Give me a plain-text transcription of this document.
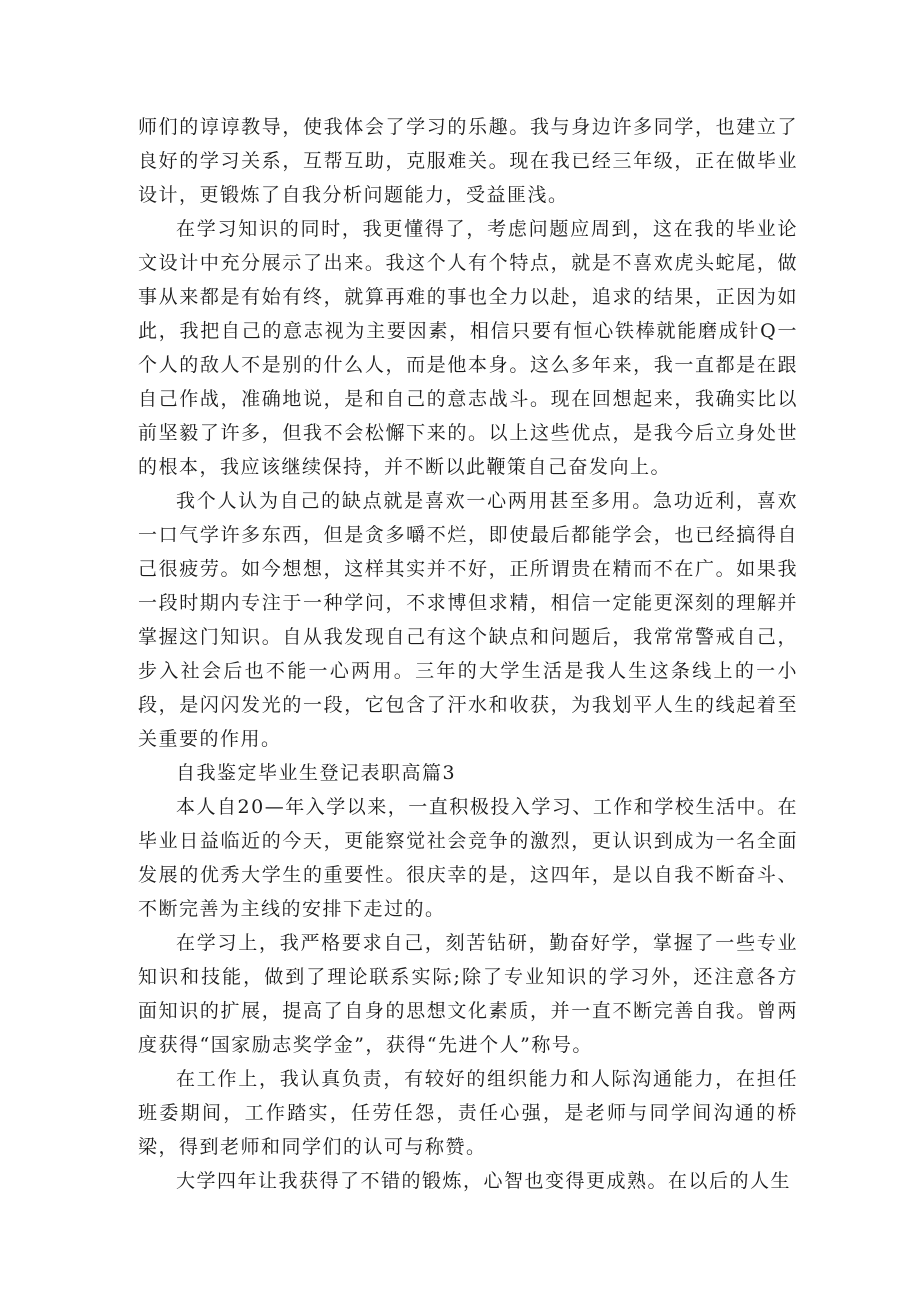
师们的谆谆教导，使我体会了学习的乐趣。我与身边许多同学，也建立了良好的学习关系，互帮互助，克服难关。现在我已经三年级，正在做毕业设计，更锻炼了自我分析问题能力，受益匪浅。

在学习知识的同时，我更懂得了，考虑问题应周到，这在我的毕业论文设计中充分展示了出来。我这个人有个特点，就是不喜欢虎头蛇尾，做事从来都是有始有终，就算再难的事也全力以赴，追求的结果，正因为如此，我把自己的意志视为主要因素，相信只要有恒心铁棒就能磨成针Q一个人的敌人不是别的什么人，而是他本身。这么多年来，我一直都是在跟自己作战，准确地说，是和自己的意志战斗。现在回想起来，我确实比以前坚毅了许多，但我不会松懈下来的。以上这些优点，是我今后立身处世的根本，我应该继续保持，并不断以此鞭策自己奋发向上。

我个人认为自己的缺点就是喜欢一心两用甚至多用。急功近利，喜欢一口气学许多东西，但是贪多嚼不烂，即使最后都能学会，也已经搞得自己很疲劳。如今想想，这样其实并不好，正所谓贵在精而不在广。如果我一段时期内专注于一种学问，不求博但求精，相信一定能更深刻的理解并掌握这门知识。自从我发现自己有这个缺点和问题后，我常常警戒自己，步入社会后也不能一心两用。三年的大学生活是我人生这条线上的一小段，是闪闪发光的一段，它包含了汗水和收获，为我划平人生的线起着至关重要的作用。

自我鉴定毕业生登记表职高篇3

本人自20—年入学以来，一直积极投入学习、工作和学校生活中。在毕业日益临近的今天，更能察觉社会竞争的激烈，更认识到成为一名全面发展的优秀大学生的重要性。很庆幸的是，这四年，是以自我不断奋斗、不断完善为主线的安排下走过的。

在学习上，我严格要求自己，刻苦钻研，勤奋好学，掌握了一些专业知识和技能，做到了理论联系实际;除了专业知识的学习外，还注意各方面知识的扩展，提高了自身的思想文化素质，并一直不断完善自我。曾两度获得“国家励志奖学金”，获得“先进个人”称号。

在工作上，我认真负责，有较好的组织能力和人际沟通能力，在担任班委期间，工作踏实，任劳任怨，责任心强，是老师与同学间沟通的桥梁，得到老师和同学们的认可与称赞。

大学四年让我获得了不错的锻炼，心智也变得更成熟。在以后的人生
